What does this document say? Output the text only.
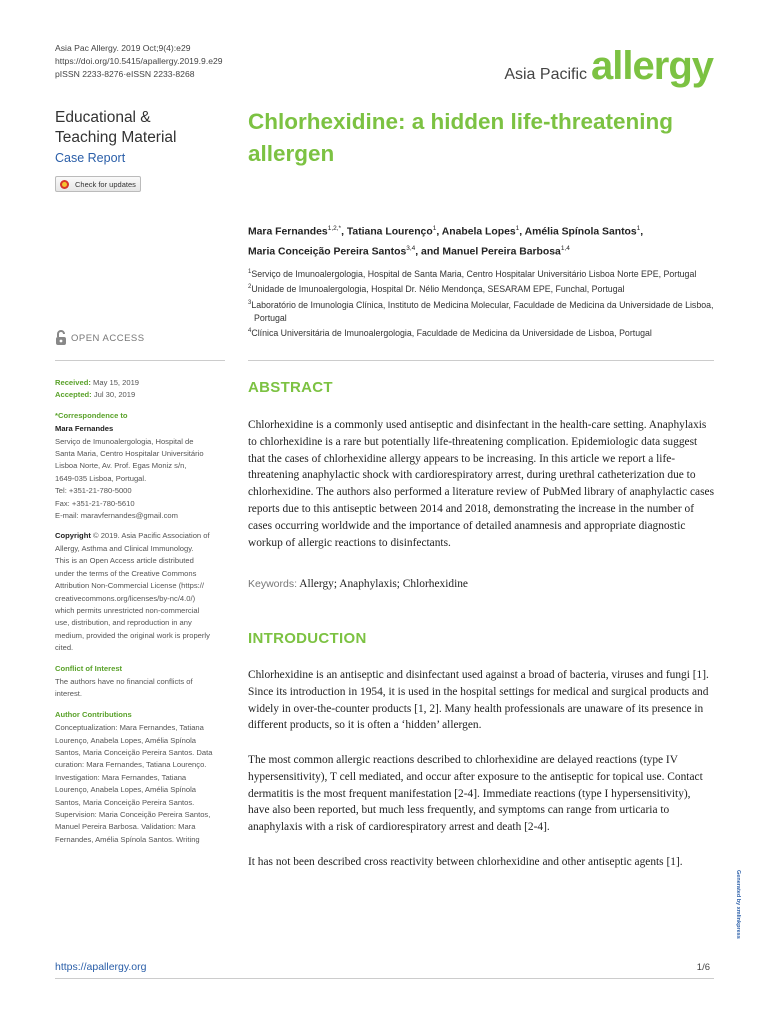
Asia Pac Allergy. 2019 Oct;9(4):e29
https://doi.org/10.5415/apallergy.2019.9.e29
pISSN 2233-8276·eISSN 2233-8268	Asia Pacific allergy
Educational &
Teaching Material
Case Report
Check for updates
Chlorhexidine: a hidden life-threatening allergen
Mara Fernandes$^{1,2,*}$, Tatiana Lourenço$^1$, Anabela Lopes$^1$, Amélia Spínola Santos$^1$,
Maria Conceição Pereira Santos$^{3,4}$, and Manuel Pereira Barbosa$^{1,4}$
$^1$Serviço de Imunoalergologia, Hospital de Santa Maria, Centro Hospitalar Universitário Lisboa Norte EPE, Portugal
$^2$Unidade de Imunoalergologia, Hospital Dr. Nélio Mendonça, SESARAM EPE, Funchal, Portugal
$^3$Laboratório de Imunologia Clínica, Instituto de Medicina Molecular, Faculdade de Medicina da Universidade de Lisboa, Portugal
$^4$Clínica Universitária de Imunoalergologia, Faculdade de Medicina da Universidade de Lisboa, Portugal
OPEN ACCESS
Received: May 15, 2019
Accepted: Jul 30, 2019
*Correspondence to
Mara Fernandes
Serviço de Imunoalergologia, Hospital de
Santa Maria, Centro Hospitalar Universitário
Lisboa Norte, Av. Prof. Egas Moniz s/n,
1649-035 Lisboa, Portugal.
Tel: +351-21-780-5000
Fax: +351-21-780-5610
E-mail: maravfernandes@gmail.com
Copyright © 2019. Asia Pacific Association of
Allergy, Asthma and Clinical Immunology.
This is an Open Access article distributed
under the terms of the Creative Commons
Attribution Non-Commercial License (https://
creativecommons.org/licenses/by-nc/4.0/)
which permits unrestricted non-commercial
use, distribution, and reproduction in any
medium, provided the original work is properly
cited.
Conflict of Interest
The authors have no financial conflicts of
interest.
Author Contributions
Conceptualization: Mara Fernandes, Tatiana
Lourenço, Anabela Lopes, Amélia Spínola
Santos, Maria Conceição Pereira Santos. Data
curation: Mara Fernandes, Tatiana Lourenço.
Investigation: Mara Fernandes, Tatiana
Lourenço, Anabela Lopes, Amélia Spínola
Santos, Maria Conceição Pereira Santos.
Supervision: Maria Conceição Pereira Santos,
Manuel Pereira Barbosa. Validation: Mara
Fernandes, Amélia Spínola Santos. Writing
ABSTRACT
Chlorhexidine is a commonly used antiseptic and disinfectant in the health-care setting. Anaphylaxis to chlorhexidine is a rare but potentially life-threatening complication. Epidemiologic data suggest that the cases of chlorhexidine allergy appears to be increasing. In this article we report a life-threatening anaphylactic shock with cardiorespiratory arrest, during urethral catheterization due to chlorhexidine. The authors also performed a literature review of PubMed library of anaphylactic cases reports due to this antiseptic between 2014 and 2018, demonstrating the increase in the number of cases occurring worldwide and the importance of detailed anamnesis and appropriate diagnostic workup of allergic reactions to disinfectants.
Keywords: Allergy; Anaphylaxis; Chlorhexidine
INTRODUCTION
Chlorhexidine is an antiseptic and disinfectant used against a broad of bacteria, viruses and fungi [1]. Since its introduction in 1954, it is used in the hospital settings for medical and surgical products and widely in over-the-counter products [1, 2]. Many health professionals are unaware of its presence in different products, so it is often a ‘hidden’ allergen.
The most common allergic reactions described to chlorhexidine are delayed reactions (type IV hypersensitivity), T cell mediated, and occur after exposure to the antiseptic for topical use. Contact dermatitis is the most frequent manifestation [2-4]. Immediate reactions (type I hypersensitivity), have also been reported, but much less frequently, and symptoms can range from urticaria to anaphylaxis with a risk of cardiorespiratory arrest and death [2-4].
It has not been described cross reactivity between chlorhexidine and other antiseptic agents [1].
Generated by xmlinkpress
https://apallergy.org	1/6
